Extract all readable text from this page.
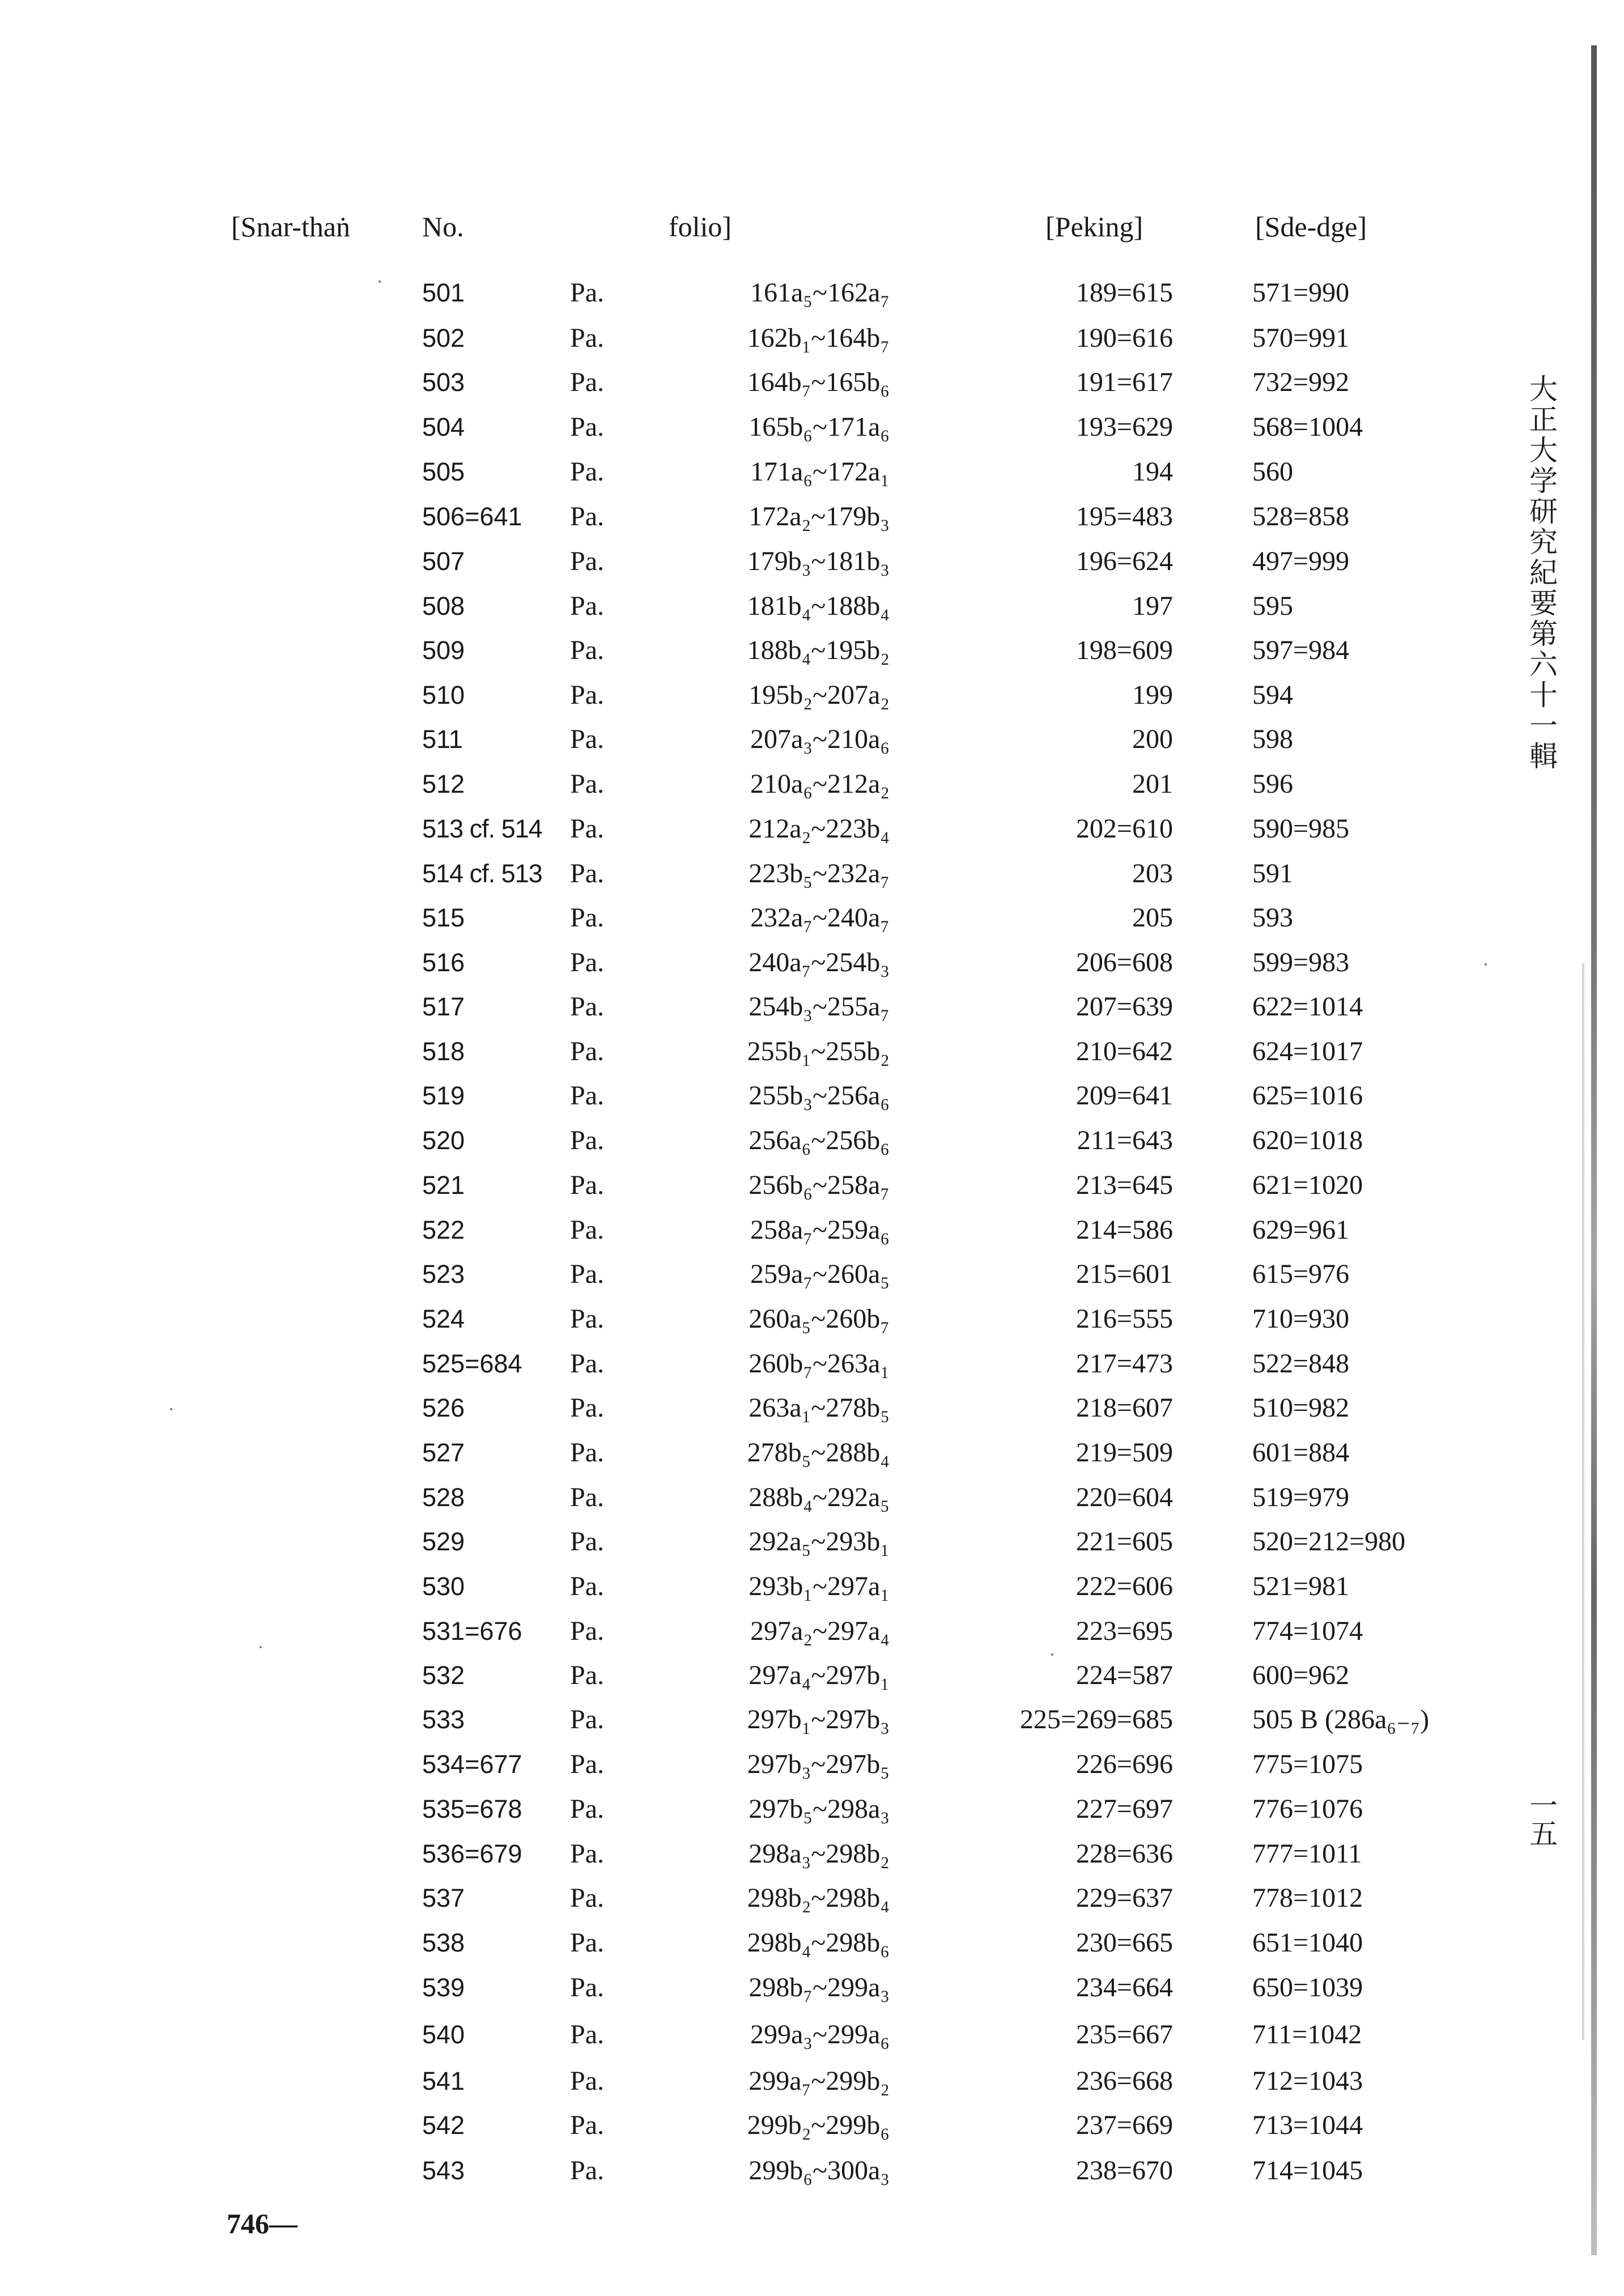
[Snar-thaṅ	No.	folio]	[Peking]	[Sde-dge]
501	Pa.	161a₅~162a₇	189=615	571=990
502	Pa.	162b₁~164b₇	190=616	570=991
503	Pa.	164b₇~165b₆	191=617	732=992
504	Pa.	165b₆~171a₆	193=629	568=1004
505	Pa.	171a₆~172a₁	194	560
506=641 Pa.	172a₂~179b₃	195=483	528=858
507	Pa.	179b₃~181b₃	196=624	497=999
508	Pa.	181b₄~188b₄	197	595
509	Pa.	188b₄~195b₂	198=609	597=984
510	Pa.	195b₂~207a₂	199	594
511	Pa.	207a₃~210a₆	200	598
512	Pa.	210a₆~212a₂	201	596
513 cf. 514 Pa.	212a₂~223b₄	202=610	590=985
514 cf. 513 Pa.	223b₅~232a₇	203	591
515	Pa.	232a₇~240a₇	205	593
516	Pa.	240a₇~254b₃	206=608	599=983
517	Pa.	254b₃~255a₇	207=639	622=1014
518	Pa.	255b₁~255b₂	210=642	624=1017
519	Pa.	255b₃~256a₆	209=641	625=1016
520	Pa.	256a₆~256b₆	211=643	620=1018
521	Pa.	256b₆~258a₇	213=645	621=1020
522	Pa.	258a₇~259a₆	214=586	629=961
523	Pa.	259a₇~260a₅	215=601	615=976
524	Pa.	260a₅~260b₇	216=555	710=930
525=684 Pa.	260b₇~263a₁	217=473	522=848
526	Pa.	263a₁~278b₅	218=607	510=982
527	Pa.	278b₅~288b₄	219=509	601=884
528	Pa.	288b₄~292a₅	220=604	519=979
529	Pa.	292a₅~293b₁	221=605	520=212=980
530	Pa.	293b₁~297a₁	222=606	521=981
531=676 Pa.	297a₂~297a₄	223=695	774=1074
532	Pa.	297a₄~297b₁	224=587	600=962
533	Pa.	297b₁~297b₃	225=269=685	505 B (286a₆₋₇)
534=677 Pa.	297b₃~297b₅	226=696	775=1075
535=678 Pa.	297b₅~298a₃	227=697	776=1076
536=679 Pa.	298a₃~298b₂	228=636	777=1011
537	Pa.	298b₂~298b₄	229=637	778=1012
538	Pa.	298b₄~298b₆	230=665	651=1040
539	Pa.	298b₇~299a₃	234=664	650=1039
540	Pa.	299a₃~299a₆	235=667	711=1042
541	Pa.	299a₇~299b₂	236=668	712=1043
542	Pa.	299b₂~299b₆	237=669	713=1044
543	Pa.	299b₆~300a₃	238=670	714=1045
大正大学研究紀要第六十一輯
一五
746—
